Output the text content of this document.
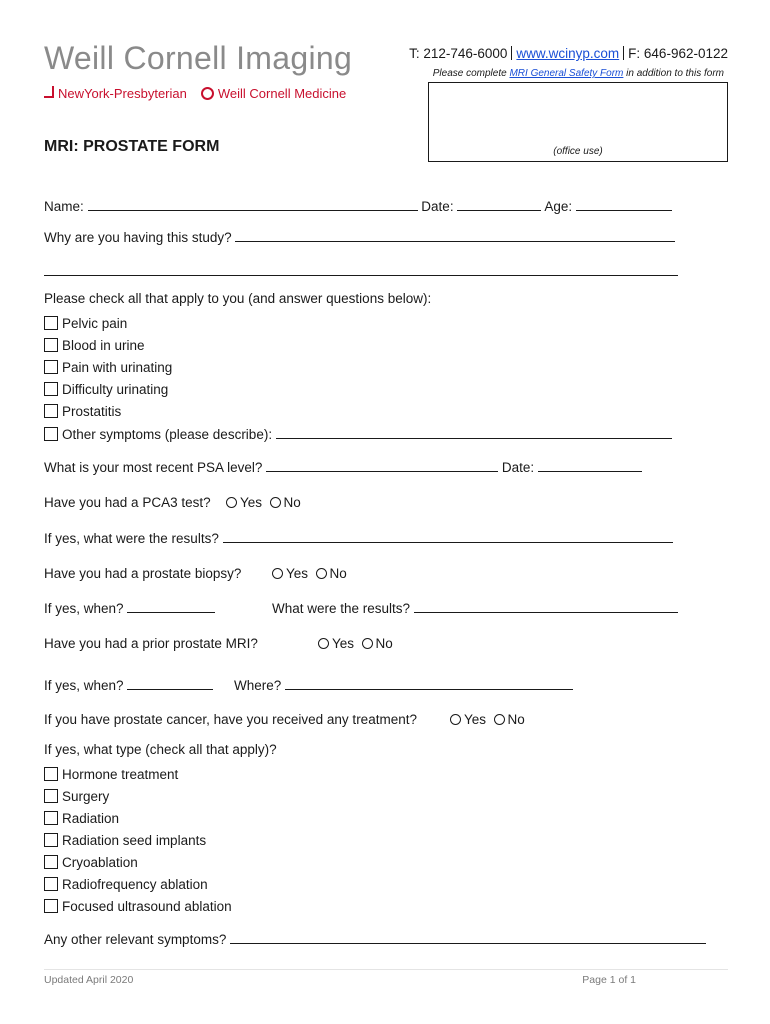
Weill Cornell Imaging
NewYork-Presbyterian	Weill Cornell Medicine
T: 212-746-6000 www.wcinyp.com F: 646-962-0122
Please complete MRI General Safety Form in addition to this form
(office use)
MRI: PROSTATE FORM
Name:	Date:	Age:
Why are you having this study?
Please check all that apply to you (and answer questions below):
Pelvic pain
Blood in urine
Pain with urinating
Difficulty urinating
Prostatitis
Other symptoms (please describe):
What is your most recent PSA level?	Date:
Have you had a PCA3 test?	Yes No
If yes, what were the results?
Have you had a prostate biopsy?	Yes No
If yes, when?	What were the results?
Have you had a prior prostate MRI?	Yes No
If yes, when?	Where?
If you have prostate cancer, have you received any treatment?	Yes No
If yes, what type (check all that apply)?
Hormone treatment
Surgery
Radiation
Radiation seed implants
Cryoablation
Radiofrequency ablation
Focused ultrasound ablation
Any other relevant symptoms?
Updated April 2020	Page 1 of 1
